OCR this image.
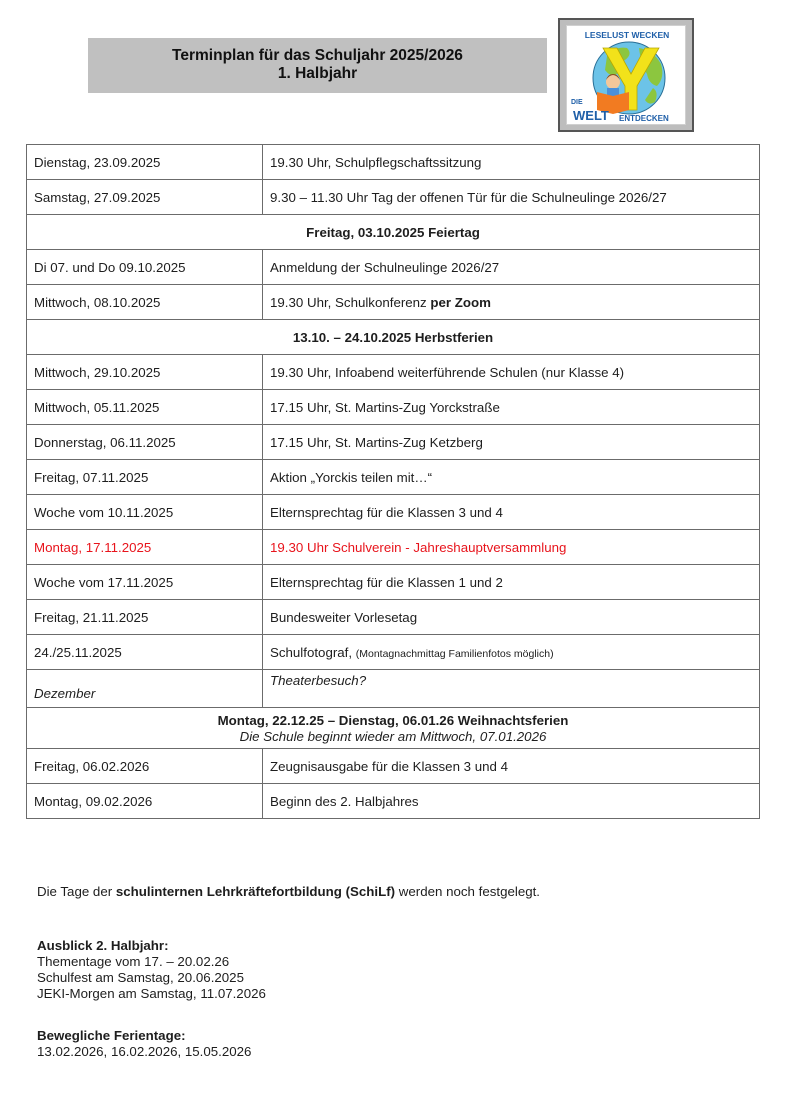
Terminplan für das Schuljahr 2025/2026
1. Halbjahr
LESELUST WECKEN
DIE
WELT ENTDECKEN
Dienstag, 23.09.2025	19.30 Uhr, Schulpflegschaftssitzung
Samstag, 27.09.2025	9.30 – 11.30 Uhr Tag der offenen Tür für die Schulneulinge 2026/27
Freitag, 03.10.2025 Feiertag	
Di 07. und Do 09.10.2025	Anmeldung der Schulneulinge 2026/27
Mittwoch, 08.10.2025	19.30 Uhr, Schulkonferenz per Zoom
13.10. – 24.10.2025 Herbstferien	
Mittwoch, 29.10.2025	19.30 Uhr, Infoabend weiterführende Schulen (nur Klasse 4)
Mittwoch, 05.11.2025	17.15 Uhr, St. Martins-Zug Yorckstraße
Donnerstag, 06.11.2025	17.15 Uhr, St. Martins-Zug Ketzberg
Freitag, 07.11.2025	Aktion „Yorckis teilen mit…“
Woche vom 10.11.2025	Elternsprechtag für die Klassen 3 und 4
Montag, 17.11.2025	19.30 Uhr Schulverein - Jahreshauptversammlung
Woche vom 17.11.2025	Elternsprechtag für die Klassen 1 und 2
Freitag, 21.11.2025	Bundesweiter Vorlesetag
24./25.11.2025	Schulfotograf, (Montagnachmittag Familienfotos möglich)
Dezember	Theaterbesuch?
Montag, 22.12.25 – Dienstag, 06.01.26 Weihnachtsferien
Die Schule beginnt wieder am Mittwoch, 07.01.2026	

Freitag, 06.02.2026	Zeugnisausgabe für die Klassen 3 und 4
Montag, 09.02.2026	Beginn des 2. Halbjahres
Die Tage der schulinternen Lehrkräftefortbildung (SchiLf) werden noch festgelegt.
Ausblick 2. Halbjahr:
Thementage vom 17. – 20.02.26
Schulfest am Samstag, 20.06.2025
JEKI-Morgen am Samstag, 11.07.2026
Bewegliche Ferientage:
13.02.2026, 16.02.2026, 15.05.2026
